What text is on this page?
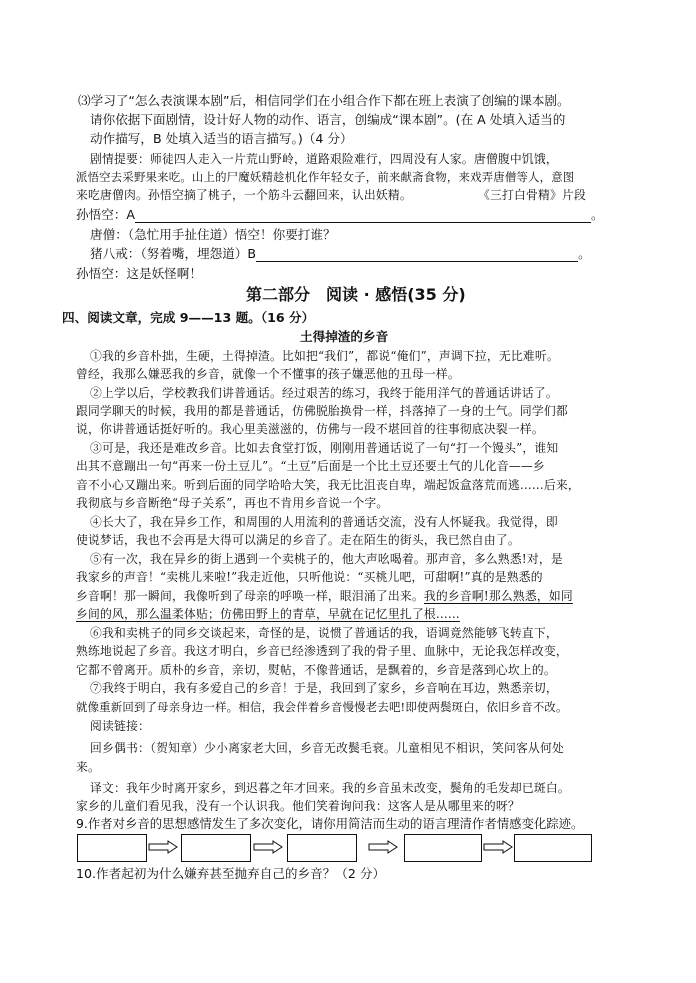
⑶学习了“怎么表演课本剧”后，相信同学们在小组合作下都在班上表演了创编的课本剧。
请你依据下面剧情，设计好人物的动作、语言，创编成“课本剧”。(在 A 处填入适当的
动作描写，B 处填入适当的语言描写。)（4 分）
剧情提要：师徒四人走入一片荒山野岭，道路艰险难行，四周没有人家。唐僧腹中饥饿，
派悟空去采野果来吃。山上的尸魔妖精趁机化作年轻女子，前来献斋食物，来戏弄唐僧等人，意图
来吃唐僧肉。孙悟空摘了桃子，一个筋斗云翻回来，认出妖精。	《三打白骨精》片段
孙悟空：A	。
唐僧：（急忙用手扯住道）悟空！你要打谁？
猪八戒：（努着嘴，埋怨道）B	。
孙悟空：这是妖怪啊！
第二部分　阅读 · 感悟(35 分)
四、阅读文章，完成 9——13 题。（16 分）
土得掉渣的乡音
①我的乡音朴拙，生硬，土得掉渣。比如把“我们”，都说“俺们”，声调下拉，无比难听。
曾经，我那么嫌恶我的乡音，就像一个不懂事的孩子嫌恶他的丑母一样。
②上学以后，学校教我们讲普通话。经过艰苦的练习，我终于能用洋气的普通话讲话了。
跟同学聊天的时候，我用的都是普通话，仿佛脱胎换骨一样，抖落掉了一身的土气。同学们都
说，你讲普通话挺好听的。我心里美滋滋的，仿佛与一段不堪回首的往事彻底决裂一样。
③可是，我还是难改乡音。比如去食堂打饭，刚刚用普通话说了一句“打一个馒头”，谁知
出其不意蹦出一句“再来一份土豆儿”。“土豆”后面是一个比土豆还要土气的儿化音——乡
音不小心又蹦出来。听到后面的同学哈哈大笑，我无比沮丧自卑，端起饭盒落荒而逃……后来，
我彻底与乡音断绝“母子关系”，再也不肯用乡音说一个字。
④长大了，我在异乡工作，和周围的人用流利的普通话交流，没有人怀疑我。我觉得，即
使说梦话，我也不会再是大得可以满足的乡音了。走在陌生的街头，我已然自由了。
⑤有一次，我在异乡的街上遇到一个卖桃子的，他大声吆喝着。那声音，多么熟悉!对，是
我家乡的声音！“卖桃儿来啦!”我走近他，只听他说：“买桃儿吧，可甜啊!”真的是熟悉的
乡音啊！那一瞬间，我像听到了母亲的呼唤一样，眼泪涌了出来。我的乡音啊!那么熟悉，如同
乡间的风，那么温柔体贴；仿佛田野上的青草，早就在记忆里扎了根……
⑥我和卖桃子的同乡交谈起来，奇怪的是，说惯了普通话的我，语调竟然能够飞转直下，
熟练地说起了乡音。我这才明白，乡音已经渗透到了我的骨子里、血脉中，无论我怎样改变，
它都不曾离开。质朴的乡音，亲切，熨帖，不像普通话，是飘着的，乡音是落到心坎上的。
⑦我终于明白，我有多爱自己的乡音！于是，我回到了家乡，乡音响在耳边，熟悉亲切，
就像重新回到了母亲身边一样。相信，我会伴着乡音慢慢老去吧!即使两鬓斑白，依旧乡音不改。
阅读链接：
回乡偶书：（贺知章）少小离家老大回，乡音无改鬓毛衰。儿童相见不相识，笑问客从何处
来。
译文：我年少时离开家乡，到迟暮之年才回来。我的乡音虽未改变，鬓角的毛发却已斑白。
家乡的儿童们看见我，没有一个认识我。他们笑着询问我：这客人是从哪里来的呀？
9.作者对乡音的思想感情发生了多次变化，请你用简洁而生动的语言理清作者情感变化踪迹。
10.作者起初为什么嫌弃甚至抛弃自己的乡音？（2 分）
